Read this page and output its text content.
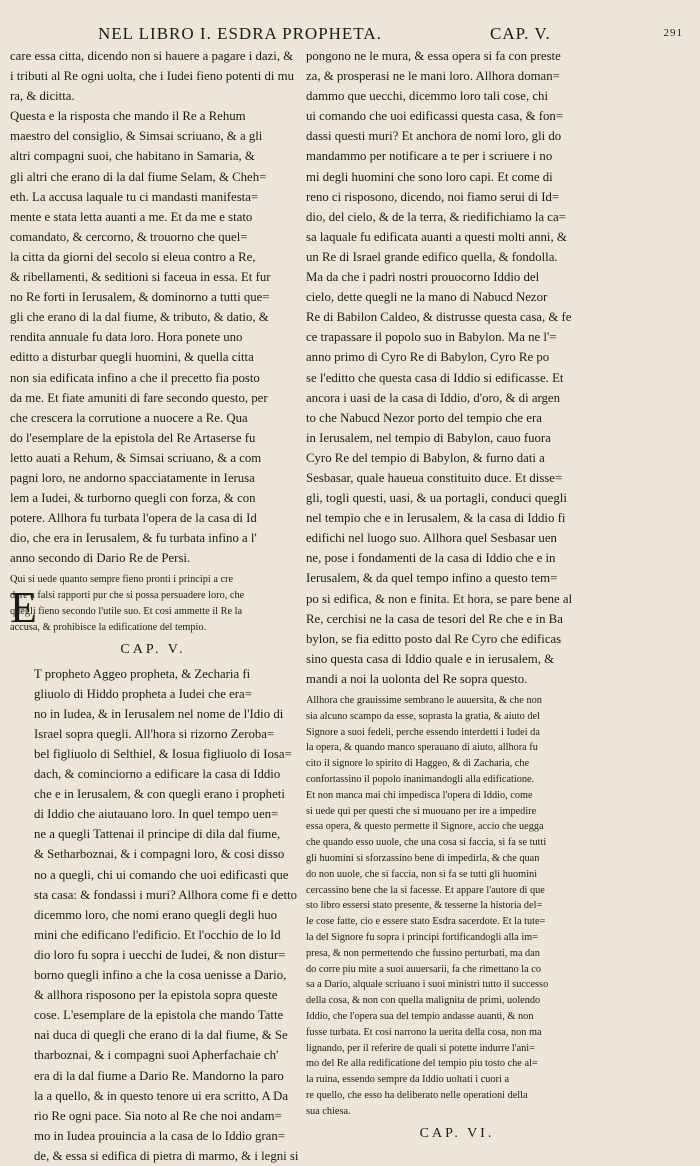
NEL LIBRO I. ESDRA PROPHETA.	CAP. V.	291
care essa citta, dicendo non si hauere a pagare i dazi, &
i tributi al Re ogni uolta, che i Iudei fieno potenti di mu
ra, & dicitta.
Questa e la risposta che mando il Re a Rehum
maestro del consiglio, & Simsai scriuano, & a gli
altri compagni suoi, che habitano in Samaria, &
gli altri che erano di la dal fiume Selam, & Cheh=
eth. La accusa laquale tu ci mandasti manifesta=
mente e stata letta auanti a me. Et da me e stato
comandato, & cercorno, & trouorno che quel=
la citta da giorni del secolo si eleua contro a Re,
& ribellamenti, & seditioni si faceua in essa. Et fur
no Re forti in Ierusalem, & dominorno a tutti que=
gli che erano di la dal fiume, & tributo, & datio, &
rendita annuale fu data loro. Hora ponete uno
editto a disturbar quegli huomini, & quella citta
non sia edificata infino a che il precetto fia posto
da me. Et fiate amuniti di fare secondo questo, per
che crescera la corrutione a nuocere a Re. Qua
do l'esemplare de la epistola del Re Artaserse fu
letto auati a Rehum, & Simsai scriuano, & a com
pagni loro, ne andorno spacciatamente in Ierusa
lem a Iudei, & turborno quegli con forza, & con
potere. Allhora fu turbata l'opera de la casa di Id
dio, che era in Ierusalem, & fu turbata infino a l'
anno secondo di Dario Re de Persi.
Qui si uede quanto sempre fieno pronti i principi a cre
dere a falsi rapporti pur che si possa persuadere loro, che
quegli fieno secondo l'utile suo. Et cosi ammette il Re la
accusa, & prohibisce la edificatione del tempio.
CAP. V.
T propheto Aggeo propheta, & Zecharia fi
gliuolo di Hiddo propheta a Iudei che era=
no in Iudea, & in Ierusalem nel nome de l'Idio di
Israel sopra quegli. All'hora si rizorno Zeroba=
bel figliuolo di Selthiel, & Iosua figliuolo di Iosa=
dach, & cominciorno a edificare la casa di Iddio
che e in Ierusalem, & con quegli erano i propheti
di Iddio che aiutauano loro. In quel tempo uen=
ne a quegli Tattenai il principe di dila dal fiume,
& Setharboznai, & i compagni loro, & cosi disso
no a quegli, chi ui comando che uoi edificasti que
sta casa: & fondassi i muri? Allhora come fi e detto
dicemmo loro, che nomi erano quegli degli huo
mini che edificano l'edificio. Et l'occhio de lo Id
dio loro fu sopra i uecchi de Iudei, & non distur=
borno quegli infino a che la cosa uenisse a Dario,
& allhora risposono per la epistola sopra queste
cose. L'esemplare de la epistola che mando Tatte
nai duca di quegli che erano di la dal fiume, & Se
tharboznai, & i compagni suoi Apherfachaie ch'
era di la dal fiume a Dario Re. Mandorno la paro
la a quello, & in questo tenore ui era scritto, A Da
rio Re ogni pace. Sia noto al Re che noi andam=
mo in Iudea prouincia a la casa de lo Iddio gran=
de, & essa si edifica di pietra di marmo, & i legni si
E
pongono ne le mura, & essa opera si fa con preste
za, & prosperasi ne le mani loro. Allhora doman=
dammo que uecchi, dicemmo loro tali cose, chi
ui comando che uoi edificassi questa casa, & fon=
dassi questi muri? Et anchora de nomi loro, gli do
mandammo per notificare a te per i scriuere i no
mi degli huomini che sono loro capi. Et come di
reno ci risposono, dicendo, noi fiamo serui di Id=
dio, del cielo, & de la terra, & riedifichiamo la ca=
sa laquale fu edificata auanti a questi molti anni, &
un Re di Israel grande edifico quella, & fondolla.
Ma da che i padri nostri prouocorno Iddio del
cielo, dette quegli ne la mano di Nabucd Nezor
Re di Babilon Caldeo, & distrusse questa casa, & fe
ce trapassare il popolo suo in Babylon. Ma ne l'=
anno primo di Cyro Re di Babylon, Cyro Re po
se l'editto che questa casa di Iddio si edificasse. Et
ancora i uasi de la casa di Iddio, d'oro, & di argen
to che Nabucd Nezor porto del tempio che era
in Ierusalem, nel tempio di Babylon, cauo fuora
Cyro Re del tempio di Babylon, & furno dati a
Sesbasar, quale haueua constituito duce. Et disse=
gli, togli questi, uasi, & ua portagli, conduci quegli
nel tempio che e in Ierusalem, & la casa di Iddio fi
edifichi nel luogo suo. Allhora quel Sesbasar uen
ne, pose i fondamenti de la casa di Iddio che e in
Ierusalem, & da quel tempo infino a questo tem=
po si edifica, & non e finita. Et hora, se pare bene al
Re, cerchisi ne la casa de tesori del Re che e in Ba
bylon, se fia editto posto dal Re Cyro che edificas
sino questa casa di Iddio quale e in ierusalem, &
mandi a noi la uolonta del Re sopra questo.
Allhora che grauissime sembrano le auuersita, & che non
sia alcuno scampo da esse, soprasta la gratia, & aiuto del
Signore a suoi fedeli, perche essendo interdetti i Iudei da
la opera, & quando manco sperauano di aiuto, allhora fu
cito il signore lo spirito di Haggeo, & di Zacharia, che
confortassino il popolo inanimandogli alla edificatione.
Et non manca mai chi impedisca l'opera di Iddio, come
si uede qui per questi che si muouano per ire a impedire
essa opera, & questo permette il Signore, accio che uegga
che quando esso uuole, che una cosa si faccia, si fa se tutti
gli huomini si sforzassino bene di impedirla, & che quan
do non uuole, che si faccia, non si fa se tutti gli huomini
cercassino bene che la si facesse. Et appare l'autore di que
sto libro essersi stato presente, & tesserne la historia del=
le cose fatte, cio e essere stato Esdra sacerdote. Et la tute=
la del Signore fu sopra i principi fortificandogli alla im=
presa, & non permettendo che fussino perturbati, ma dan
do corre piu mite a suoi auuersarii, fa che rimettano la co
sa a Dario, alquale scriuano i suoi ministri tutto il successo
della cosa, & non con quella malignita de primi, uolendo
Iddio, che l'opera sua del tempio andasse auanti, & non
fusse turbata. Et cosi narrono la uerita della cosa, non ma
lignando, per il referire de quali si potette indurre l'ani=
mo del Re alla redificatione del tempio piu tosto che al=
la ruina, essendo sempre da Iddio uoltati i cuori a
re quello, che esso ha deliberato nelle operationi della
sua chiesa.
CAP. VI.
